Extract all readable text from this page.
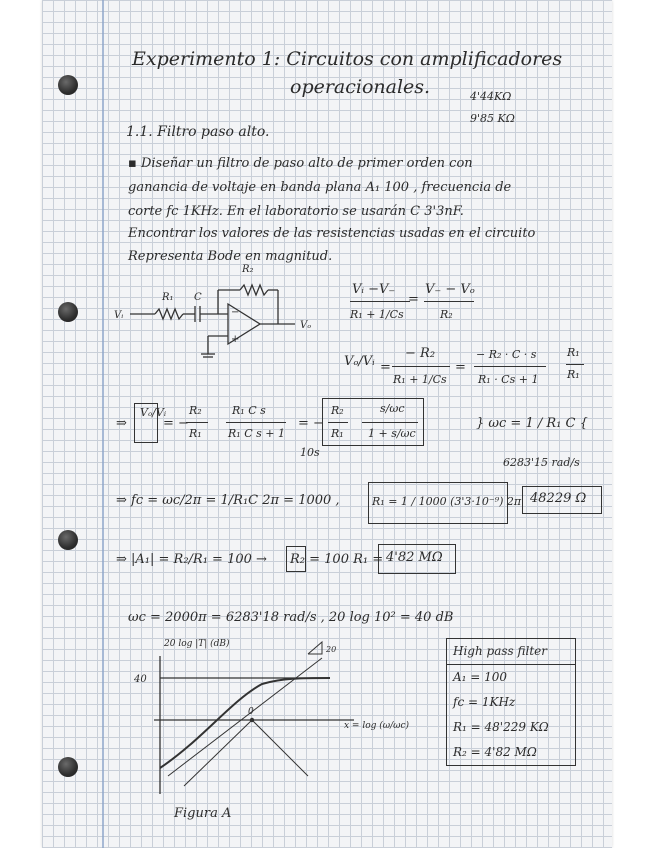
Experimento 1: Circuitos con amplificadores
operacionales.	4'44KΩ
9'85 KΩ
1.1. Filtro paso alto.
▪ Diseñar un filtro de paso alto de primer orden con
ganancia de voltaje en banda plana A₁ 100 , frecuencia de
corte fc 1KHz. En el laboratorio se usarán C 3'3nF.
Encontrar los valores de las resistencias usadas en el circuito
Representa Bode en magnitud.
R₂
R₁ C
Vᵢ
Vₒ
−
+
Vᵢ −V₋
R₁ + 1/Cs
=
V₋ − Vₒ
R₂
Vₒ/Vᵢ =
− R₂
R₁ + 1/Cs
=
− R₂ · C · s
R₁ · Cs + 1
R₁
R₁
⇒
Vₒ/Vᵢ
= −
R₂
R₁
R₁ C s
R₁ C s + 1
= −
R₂
R₁
s/ωc
1 + s/ωc
10s
} ωc = 1 / R₁ C {
6283'15 rad/s
⇒ fc = ωc/2π = 1/R₁C 2π = 1000 ,	R₁ = 1 / 1000 (3'3·10⁻⁹) 2π 48229 Ω
⇒ |A₁| = R₂/R₁ = 100 → R₂ = 100 R₁ = 4'82 MΩ
ωc = 2000π = 6283'18 rad/s , 20 log 10² = 40 dB
20 log |T| (dB)
40
20
0
x = log (ω/ωc)
Figura A
High pass filter
A₁ = 100
fc = 1KHz
R₁ = 48'229 KΩ
R₂ = 4'82 MΩ
